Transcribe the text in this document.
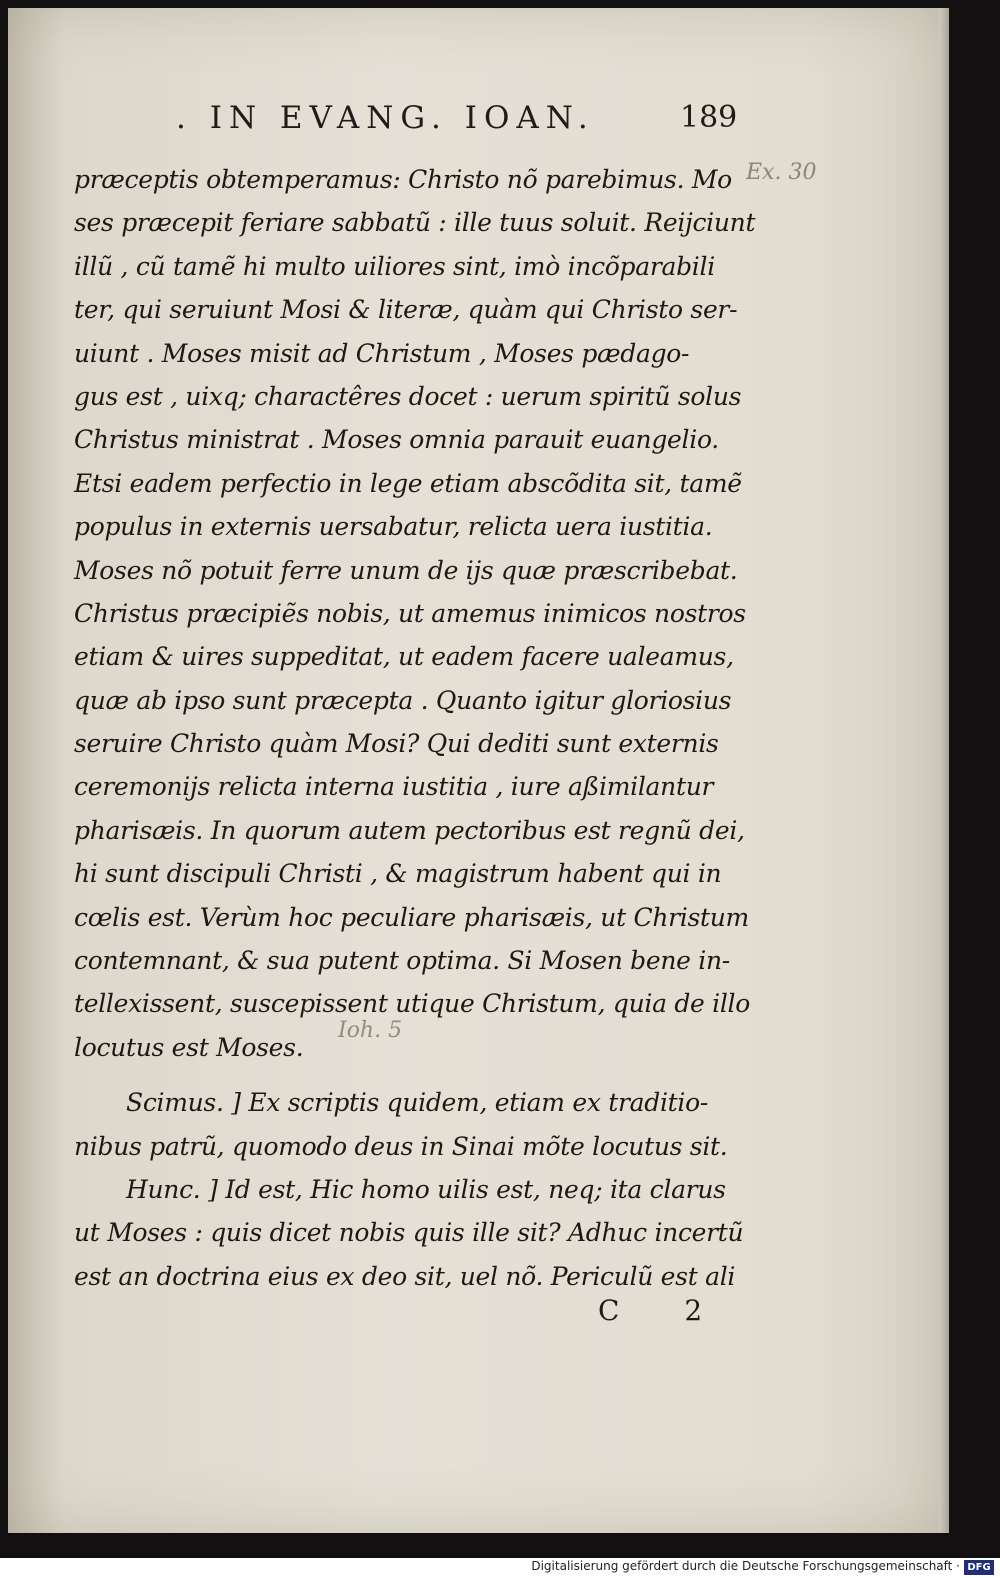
. IN EVANG. IOAN.	189
Ex. 30
Ioh. 5
præceptis obtemperamus: Christo nõ parebimus. Mo
ses præcepit feriare sabbatũ : ille tuus soluit. Reijciunt
illũ , cũ tamẽ hi multo uiliores sint, imò incõparabili
ter, qui seruiunt Mosi & literæ, quàm qui Christo ser-
uiunt . Moses misit ad Christum , Moses pædago-
gus est , uixq; charactêres docet : uerum spiritũ solus
Christus ministrat . Moses omnia parauit euangelio.
Etsi eadem perfectio in lege etiam abscõdita sit, tamẽ
populus in externis uersabatur, relicta uera iustitia.
Moses nõ potuit ferre unum de ijs quæ præscribebat.
Christus præcipiẽs nobis, ut amemus inimicos nostros
etiam & uires suppeditat, ut eadem facere ualeamus,
quæ ab ipso sunt præcepta . Quanto igitur gloriosius
seruire Christo quàm Mosi? Qui dediti sunt externis
ceremonijs relicta interna iustitia , iure aßimilantur
pharisæis. In quorum autem pectoribus est regnũ dei,
hi sunt discipuli Christi , & magistrum habent qui in
cœlis est. Verùm hoc peculiare pharisæis, ut Christum
contemnant, & sua putent optima. Si Mosen bene in-
tellexissent, suscepissent utique Christum, quia de illo
locutus est Moses.
Scimus. ] Ex scriptis quidem, etiam ex traditio-
nibus patrũ, quomodo deus in Sinai mõte locutus sit.
Hunc. ] Id est, Hic homo uilis est, neq; ita clarus
ut Moses : quis dicet nobis quis ille sit? Adhuc incertũ
est an doctrina eius ex deo sit, uel nõ. Periculũ est ali
C 2
Digitalisierung gefördert durch die Deutsche Forschungsgemeinschaft · DFG
